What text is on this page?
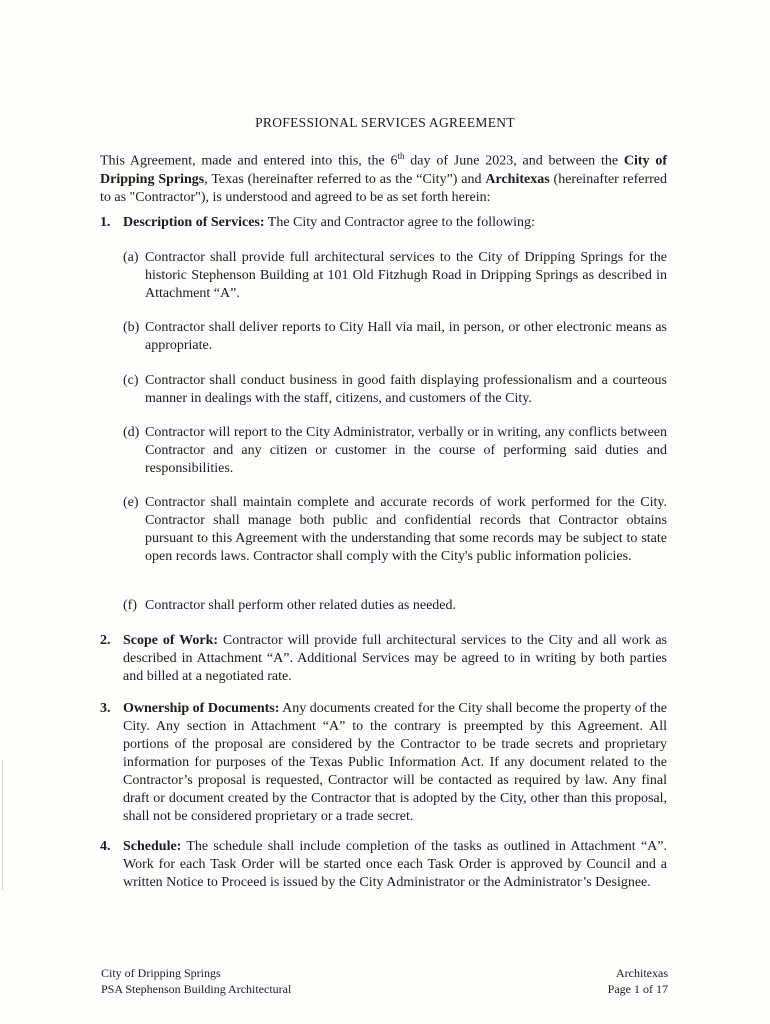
PROFESSIONAL SERVICES AGREEMENT

This Agreement, made and entered into this, the 6th day of June 2023, and between the City of Dripping Springs, Texas (hereinafter referred to as the “City”) and Architexas (hereinafter referred to as "Contractor"), is understood and agreed to be as set forth herein:

1. Description of Services: The City and Contractor agree to the following:
(a) Contractor shall provide full architectural services to the City of Dripping Springs for the historic Stephenson Building at 101 Old Fitzhugh Road in Dripping Springs as described in Attachment “A”.
(b) Contractor shall deliver reports to City Hall via mail, in person, or other electronic means as appropriate.
(c) Contractor shall conduct business in good faith displaying professionalism and a courteous manner in dealings with the staff, citizens, and customers of the City.
(d) Contractor will report to the City Administrator, verbally or in writing, any conflicts between Contractor and any citizen or customer in the course of performing said duties and responsibilities.
(e) Contractor shall maintain complete and accurate records of work performed for the City. Contractor shall manage both public and confidential records that Contractor obtains pursuant to this Agreement with the understanding that some records may be subject to state open records laws. Contractor shall comply with the City's public information policies.
(f) Contractor shall perform other related duties as needed.
2. Scope of Work: Contractor will provide full architectural services to the City and all work as described in Attachment “A”. Additional Services may be agreed to in writing by both parties and billed at a negotiated rate.
3. Ownership of Documents: Any documents created for the City shall become the property of the City. Any section in Attachment “A” to the contrary is preempted by this Agreement. All portions of the proposal are considered by the Contractor to be trade secrets and proprietary information for purposes of the Texas Public Information Act. If any document related to the Contractor’s proposal is requested, Contractor will be contacted as required by law. Any final draft or document created by the Contractor that is adopted by the City, other than this proposal, shall not be considered proprietary or a trade secret.
4. Schedule: The schedule shall include completion of the tasks as outlined in Attachment “A”. Work for each Task Order will be started once each Task Order is approved by Council and a written Notice to Proceed is issued by the City Administrator or the Administrator’s Designee.
City of Dripping Springs
PSA Stephenson Building Architectural
Architexas
Page 1 of 17
